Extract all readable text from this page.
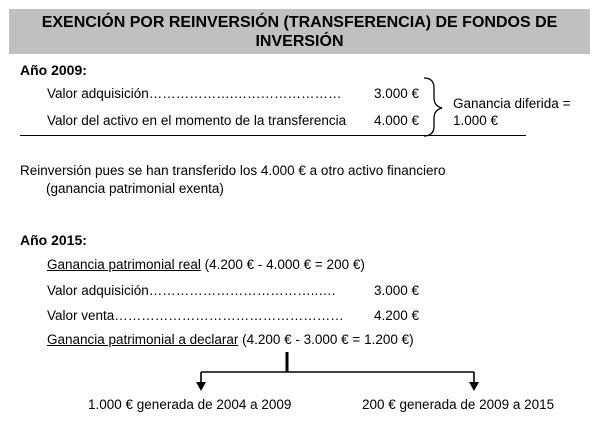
EXENCIÓN POR REINVERSIÓN (TRANSFERENCIA) DE FONDOS DE
INVERSIÓN
Año 2009:
Valor adquisición……………….…………………… 3.000 €
Valor del activo en el momento de la transferencia 4.000 €
Ganancia diferida =
1.000 €
Reinversión pues se han transferido los 4.000 € a otro activo financiero
(ganancia patrimonial exenta)
Año 2015:
Ganancia patrimonial real (4.200 € - 4.000 € = 200 €)
Valor adquisición………………………………..….	3.000 €
Valor venta…………………………………………… 4.200 €
Ganancia patrimonial a declarar (4.200 € - 3.000 € = 1.200 €)
1.000 € generada de 2004 a 2009	200 € generada de 2009 a 2015
